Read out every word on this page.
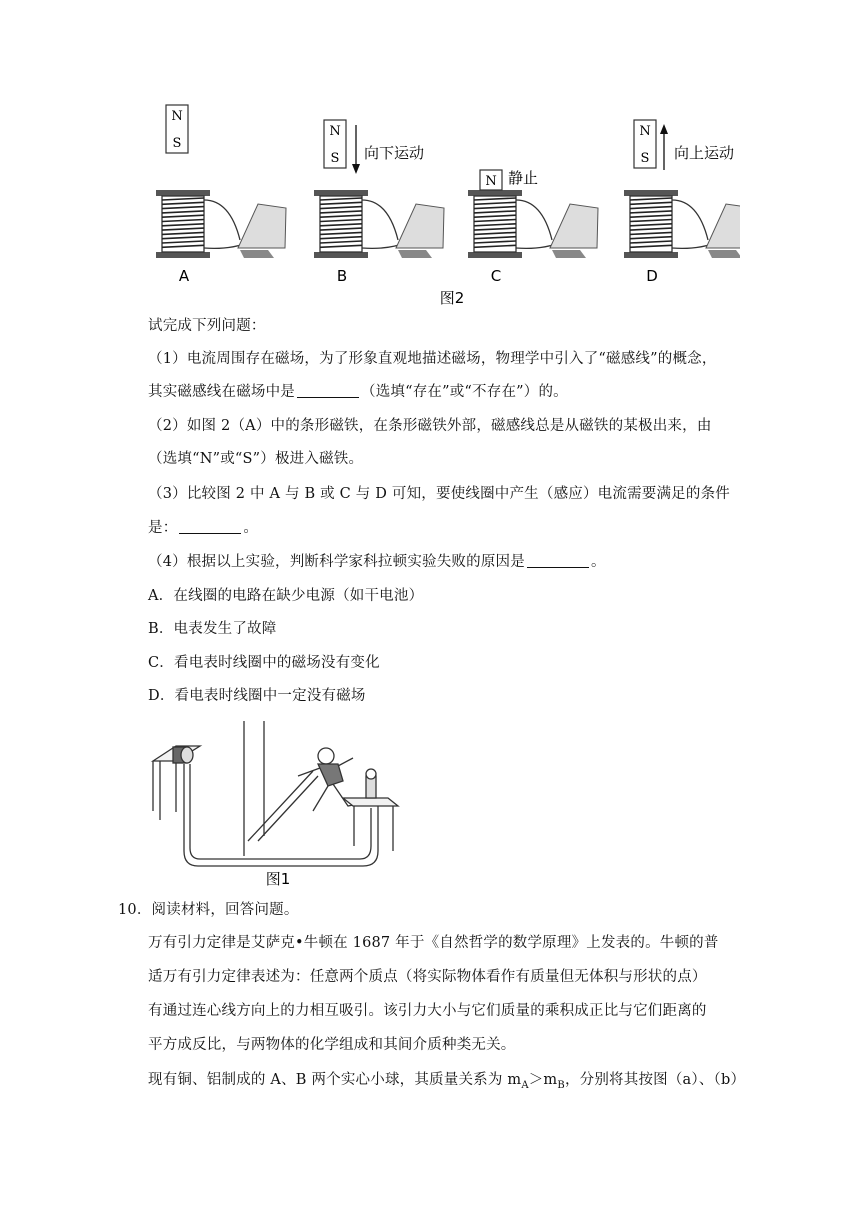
N
S
A
N
S 向下运动
B
N 静止
C
N
S 向上运动
D
图2
试完成下列问题：
（1）电流周围存在磁场，为了形象直观地描述磁场，物理学中引入了“磁感线”的概念，
其实磁感线在磁场中是	（选填“存在”或“不存在”）的。
（2）如图 2（A）中的条形磁铁，在条形磁铁外部，磁感线总是从磁铁的某极出来，由
（选填“N”或“S”）极进入磁铁。
（3）比较图 2 中 A 与 B 或 C 与 D 可知，要使线圈中产生（感应）电流需要满足的条件
是：	。
（4）根据以上实验，判断科学家科拉顿实验失败的原因是	。
A．在线圈的电路在缺少电源（如干电池）
B．电表发生了故障
C．看电表时线圈中的磁场没有变化
D．看电表时线圈中一定没有磁场
图1
10．阅读材料，回答问题。
万有引力定律是艾萨克•牛顿在 1687 年于《自然哲学的数学原理》上发表的。牛顿的普
适万有引力定律表述为：任意两个质点（将实际物体看作有质量但无体积与形状的点）
有通过连心线方向上的力相互吸引。该引力大小与它们质量的乘积成正比与它们距离的
平方成反比，与两物体的化学组成和其间介质种类无关。
现有铜、铝制成的 A、B 两个实心小球，其质量关系为 $m_A>m_B$，分别将其按图（a）、（b）
